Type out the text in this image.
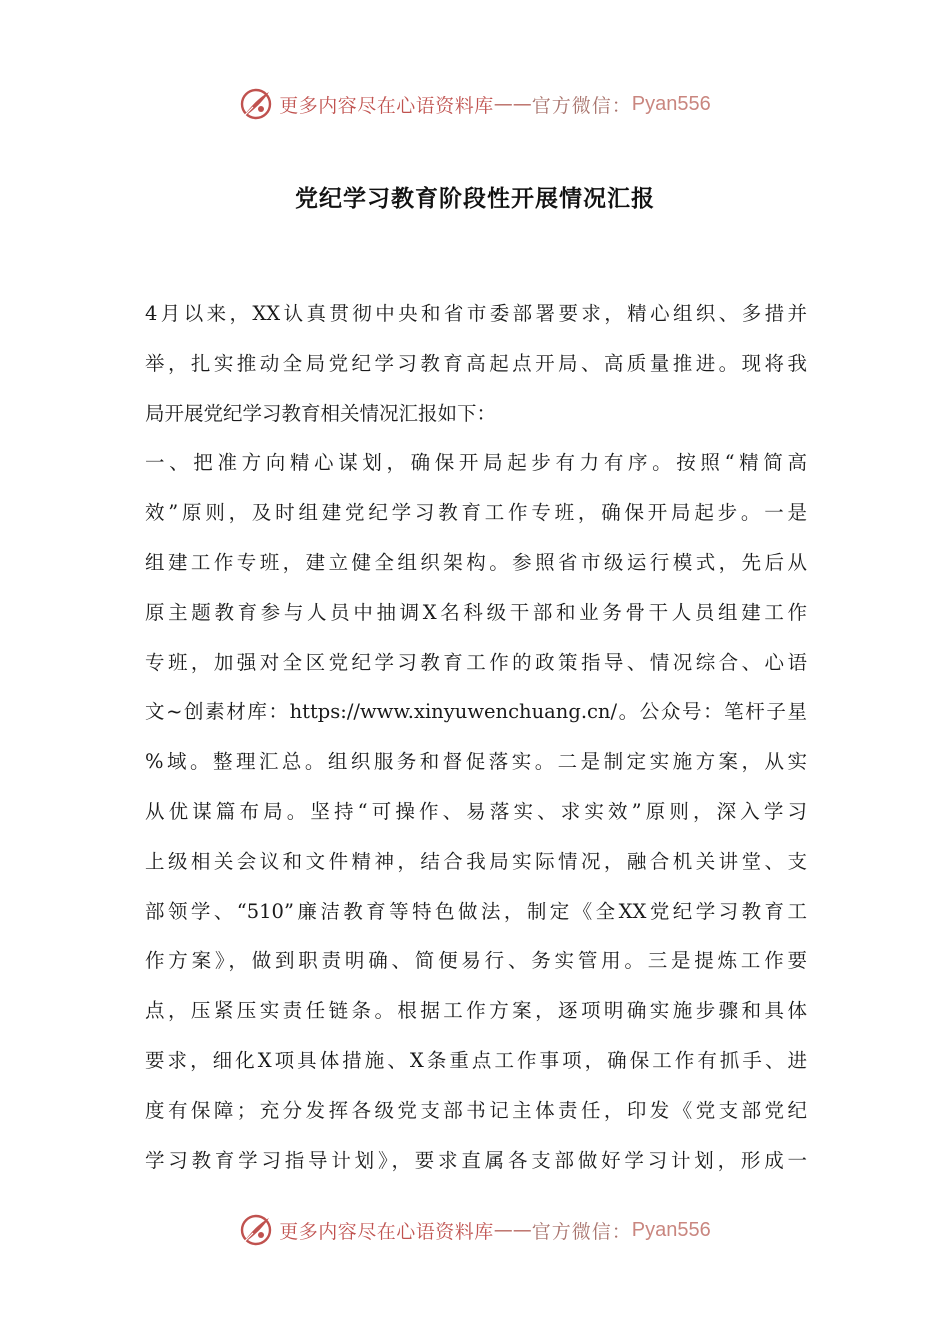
更多内容尽在心语资料库 —— 官方微信： Pyan556
党纪学习教育阶段性开展情况汇报
4月以来，XX认真贯彻中央和省市委部署要求，精心组织、多措并
举，扎实推动全局党纪学习教育高起点开局、高质量推进。现将我
局开展党纪学习教育相关情况汇报如下：
一、把准方向精心谋划，确保开局起步有力有序。按照“精简高
效”原则，及时组建党纪学习教育工作专班，确保开局起步。一是
组建工作专班，建立健全组织架构。参照省市级运行模式，先后从
原主题教育参与人员中抽调X名科级干部和业务骨干人员组建工作
专班，加强对全区党纪学习教育工作的政策指导、情况综合、心语
文~创素材库：https://www.xinyuwenchuang.cn/。公众号：笔杆子星
%域。整理汇总。组织服务和督促落实。二是制定实施方案，从实
从优谋篇布局。坚持“可操作、易落实、求实效”原则，深入学习
上级相关会议和文件精神，结合我局实际情况，融合机关讲堂、支
部领学、“510”廉洁教育等特色做法，制定《全XX党纪学习教育工
作方案》，做到职责明确、简便易行、务实管用。三是提炼工作要
点，压紧压实责任链条。根据工作方案，逐项明确实施步骤和具体
要求，细化X项具体措施、X条重点工作事项，确保工作有抓手、进
度有保障；充分发挥各级党支部书记主体责任，印发《党支部党纪
学习教育学习指导计划》，要求直属各支部做好学习计划，形成一
更多内容尽在心语资料库 —— 官方微信： Pyan556
